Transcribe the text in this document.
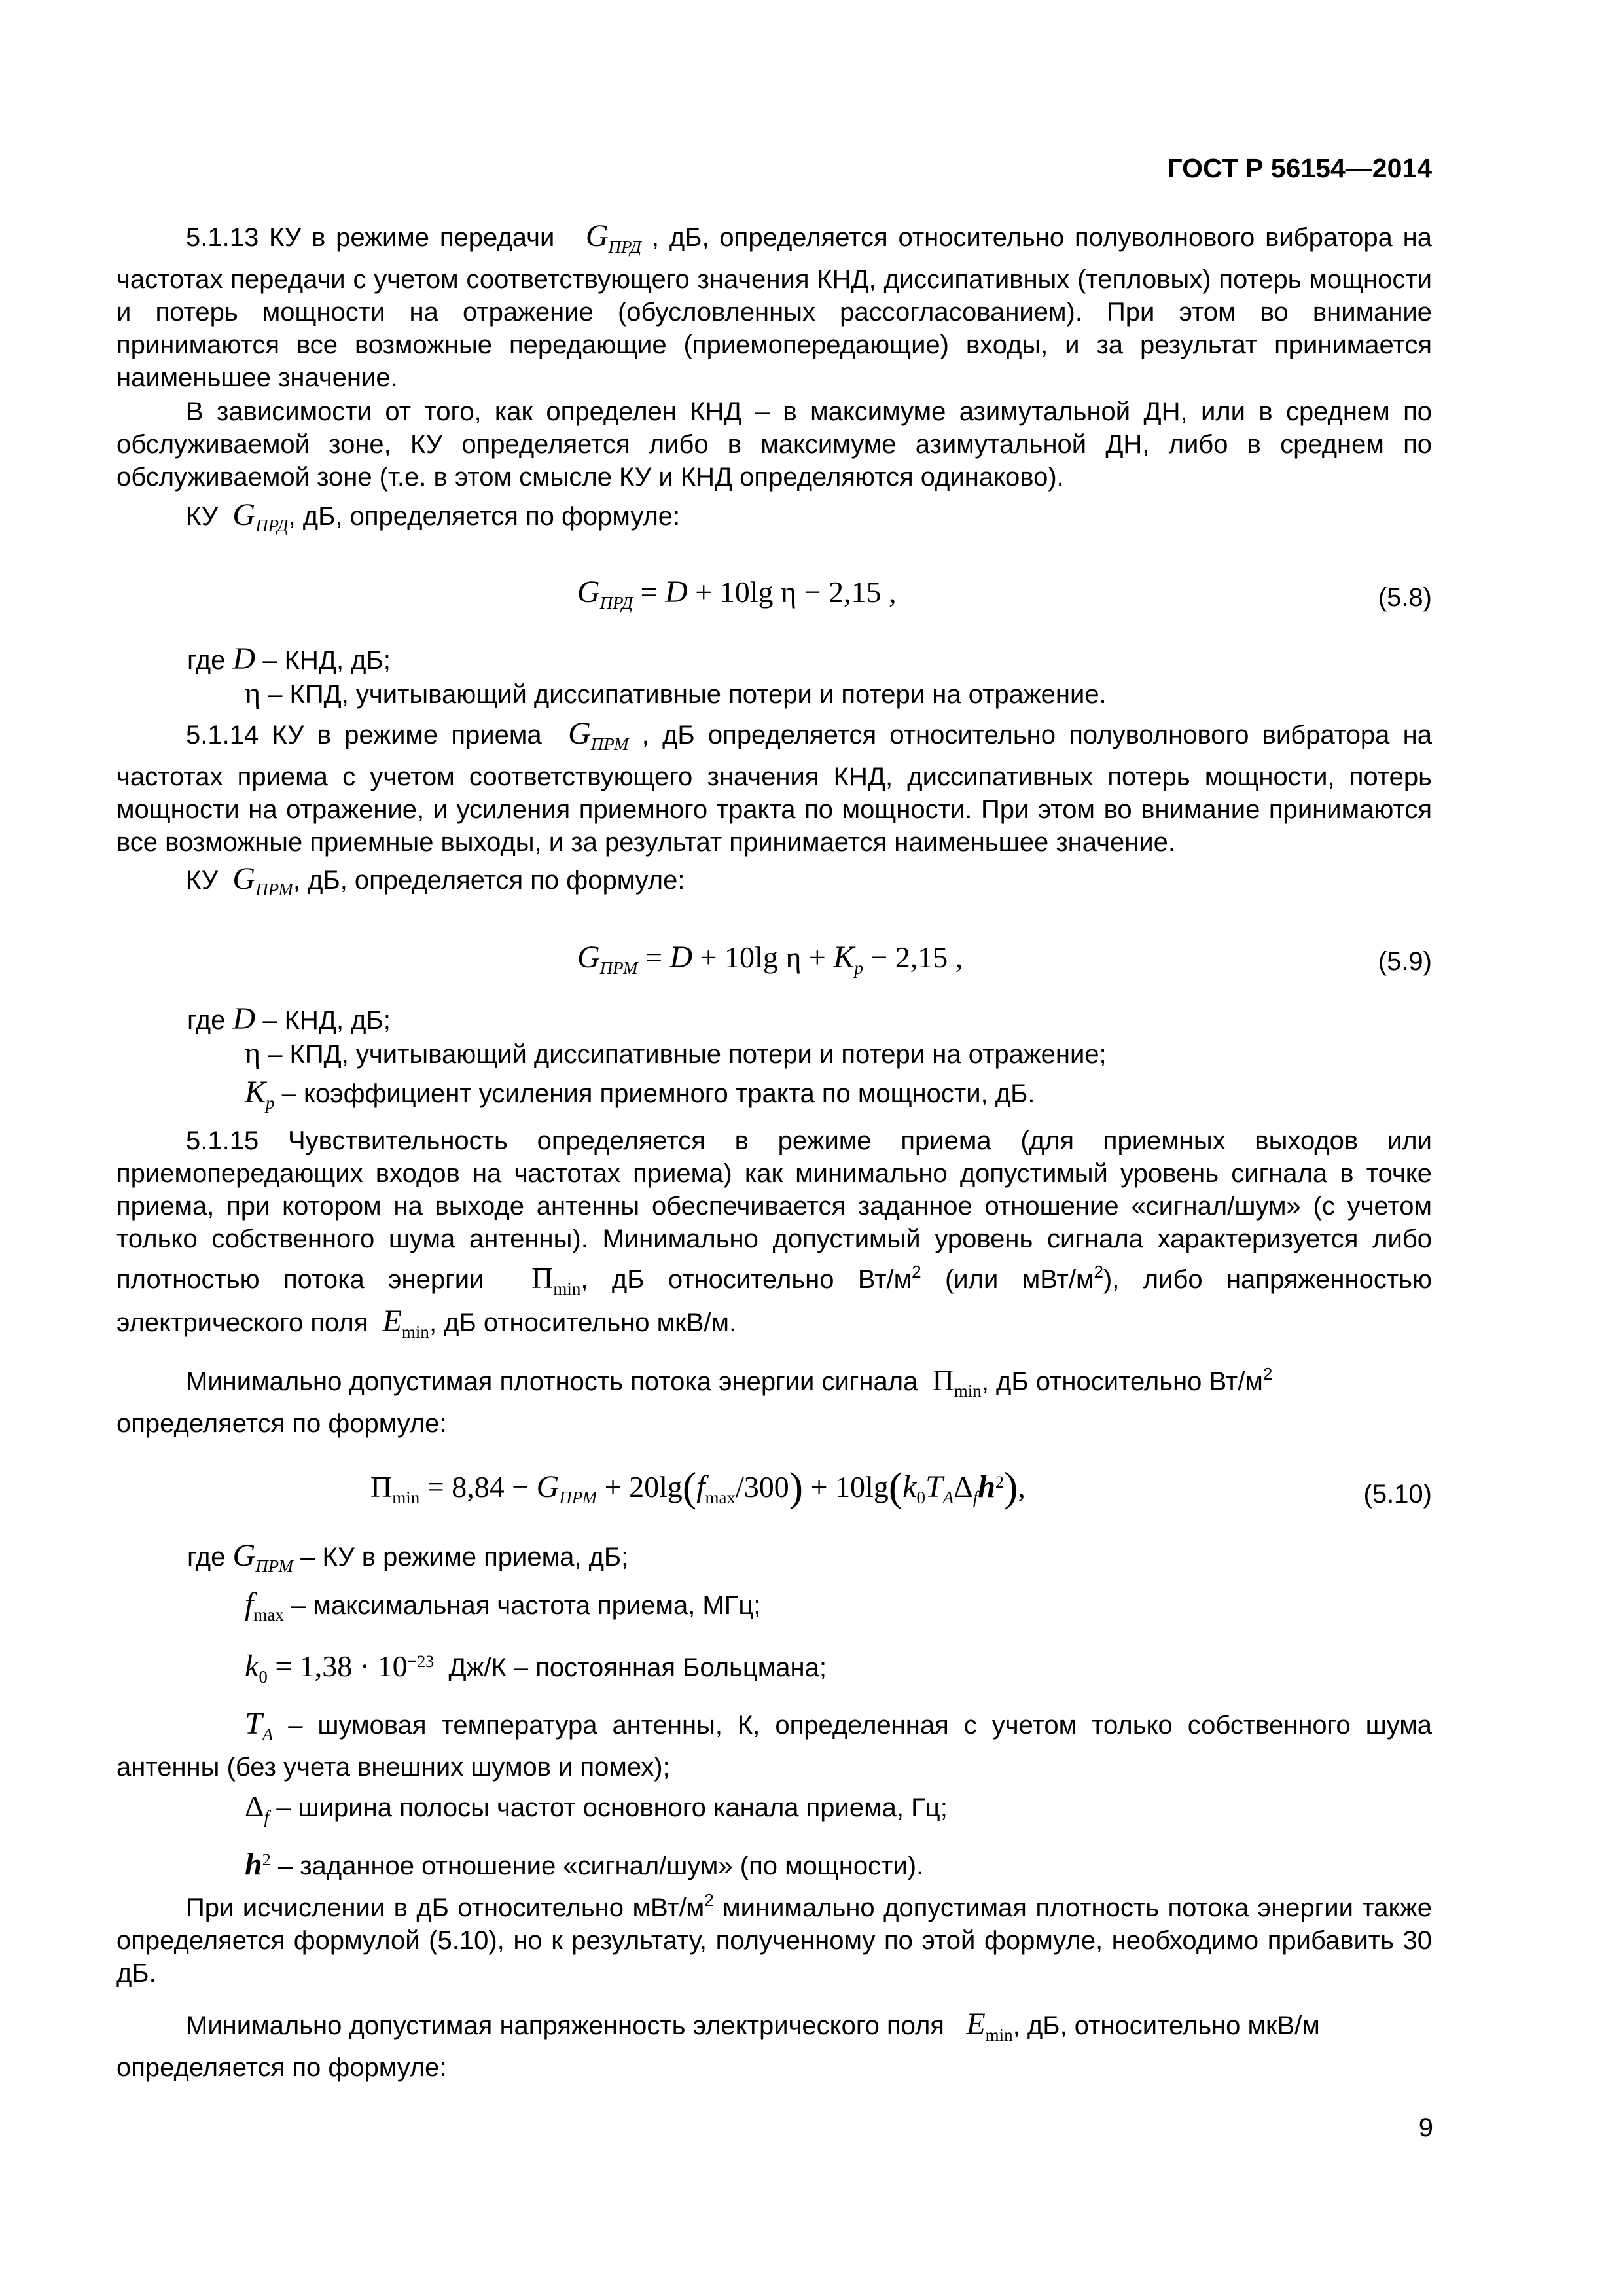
ГОСТ Р 56154—2014

5.1.13 КУ в режиме передачи $G_{ПРД}$ , дБ, определяется относительно полуволнового вибратора на частотах передачи с учетом соответствующего значения КНД, диссипативных (тепловых) потерь мощности и потерь мощности на отражение (обусловленных рассогласованием). При этом во внимание принимаются все возможные передающие (приемопередающие) входы, и за результат принимается наименьшее значение.

В зависимости от того, как определен КНД – в максимуме азимутальной ДН, или в среднем по обслуживаемой зоне, КУ определяется либо в максимуме азимутальной ДН, либо в среднем по обслуживаемой зоне (т.е. в этом смысле КУ и КНД определяются одинаково).

КУ $G_{ПРД}$, дБ, определяется по формуле:

$G_{ПРД} = D + 10\lg$ η − 2,15 ,	(5.8)

где D – КНД, дБ;

η – КПД, учитывающий диссипативные потери и потери на отражение.

5.1.14 КУ в режиме приема $G_{ПРМ}$ , дБ определяется относительно полуволнового вибратора на частотах приема с учетом соответствующего значения КНД, диссипативных потерь мощности, потерь мощности на отражение, и усиления приемного тракта по мощности. При этом во внимание принимаются все возможные приемные выходы, и за результат принимается наименьшее значение.

КУ $G_{ПРМ}$, дБ, определяется по формуле:

$G_{ПРМ} = D + 10\lg$ $\eta + K_p - 2,15$ ,	(5.9)

где D – КНД, дБ;

η – КПД, учитывающий диссипативные потери и потери на отражение;

$K_p$ – коэффициент усиления приемного тракта по мощности, дБ.

5.1.15 Чувствительность определяется в режиме приема (для приемных выходов или приемопередающих входов на частотах приема) как минимально допустимый уровень сигнала в точке приема, при котором на выходе антенны обеспечивается заданное отношение «сигнал/шум» (с учетом только собственного шума антенны). Минимально допустимый уровень сигнала характеризуется либо плотностью потока энергии $\Pi_{min}$, дБ относительно $Вт/м^2$ (или мВт/$м^2$), либо напряженностью электрического поля $E_{min}$, дБ относительно мкВ/м.

Минимально допустимая плотность потока энергии сигнала $\Pi_{min}$, дБ относительно $Вт/м^2$

определяется по формуле:

$\Pi_{min} = 8,84 - G_{ПРМ} + 20\lg(f_{max}/300) + 10\lg(k_0T_A\Delta_fh^2)$,	(5.10)

где $G_{ПРМ}$ – КУ в режиме приема, дБ;

$f_{max}$ – максимальная частота приема, МГц;

$k_0 = 1,38 \cdot 10^{-23}$ Дж/К – постоянная Больцмана;

$T_A$ – шумовая температура антенны, К, определенная с учетом только собственного шума антенны (без учета внешних шумов и помех);

$\Delta_f$ – ширина полосы частот основного канала приема, Гц;

$h^2$ – заданное отношение «сигнал/шум» (по мощности).

При исчислении в дБ относительно мВт/$м^2$ минимально допустимая плотность потока энергии также определяется формулой (5.10), но к результату, полученному по этой формуле, необходимо прибавить 30 дБ.

Минимально допустимая напряженность электрического поля $E_{min}$, дБ, относительно мкВ/м

определяется по формуле:

9
